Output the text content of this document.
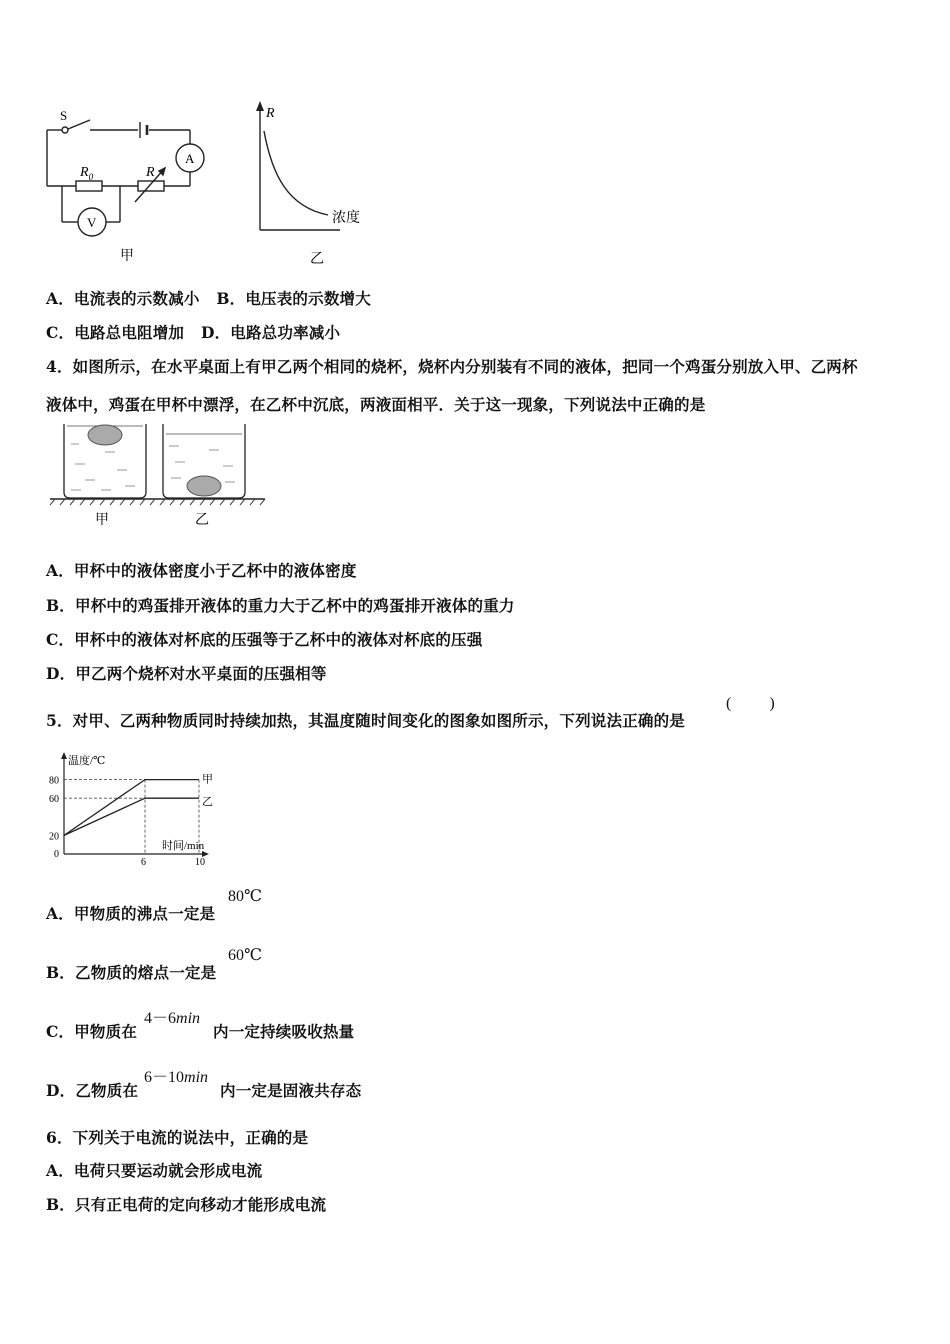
S
A
V
$R_0$	R
甲
R
浓度
乙
A．电流表的示数减小 B．电压表的示数增大
C．电路总电阻增加 D．电路总功率减小
4．如图所示，在水平桌面上有甲乙两个相同的烧杯，烧杯内分别装有不同的液体，把同一个鸡蛋分别放入甲、乙两杯
液体中，鸡蛋在甲杯中漂浮，在乙杯中沉底，两液面相平．关于这一现象，下列说法中正确的是
甲	乙
A．甲杯中的液体密度小于乙杯中的液体密度
B．甲杯中的鸡蛋排开液体的重力大于乙杯中的鸡蛋排开液体的重力
C．甲杯中的液体对杯底的压强等于乙杯中的液体对杯底的压强
D．甲乙两个烧杯对水平桌面的压强相等
5．对甲、乙两种物质同时持续加热，其温度随时间变化的图象如图所示，下列说法正确的是
( )
温度/℃
时间/min
6	10
80
60
20
0
甲
乙
A．甲物质的沸点一定是
80℃
B．乙物质的熔点一定是
60℃
C．甲物质在
4－6min
内一定持续吸收热量
D．乙物质在
6－10min
内一定是固液共存态
6．下列关于电流的说法中，正确的是
A．电荷只要运动就会形成电流
B．只有正电荷的定向移动才能形成电流
